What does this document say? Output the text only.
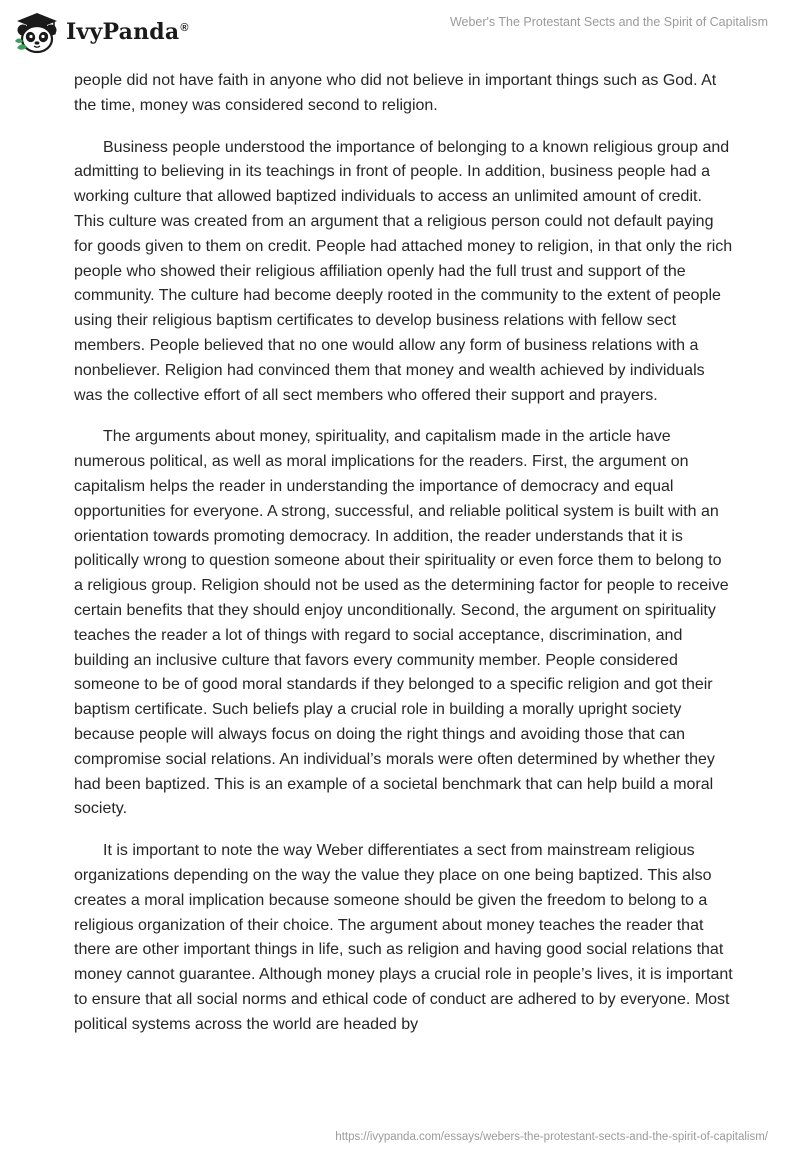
IvyPanda®	Weber's The Protestant Sects and the Spirit of Capitalism

people did not have faith in anyone who did not believe in important things such as God. At the time, money was considered second to religion.

Business people understood the importance of belonging to a known religious group and admitting to believing in its teachings in front of people. In addition, business people had a working culture that allowed baptized individuals to access an unlimited amount of credit. This culture was created from an argument that a religious person could not default paying for goods given to them on credit. People had attached money to religion, in that only the rich people who showed their religious affiliation openly had the full trust and support of the community. The culture had become deeply rooted in the community to the extent of people using their religious baptism certificates to develop business relations with fellow sect members. People believed that no one would allow any form of business relations with a nonbeliever. Religion had convinced them that money and wealth achieved by individuals was the collective effort of all sect members who offered their support and prayers.

The arguments about money, spirituality, and capitalism made in the article have numerous political, as well as moral implications for the readers. First, the argument on capitalism helps the reader in understanding the importance of democracy and equal opportunities for everyone. A strong, successful, and reliable political system is built with an orientation towards promoting democracy. In addition, the reader understands that it is politically wrong to question someone about their spirituality or even force them to belong to a religious group. Religion should not be used as the determining factor for people to receive certain benefits that they should enjoy unconditionally. Second, the argument on spirituality teaches the reader a lot of things with regard to social acceptance, discrimination, and building an inclusive culture that favors every community member. People considered someone to be of good moral standards if they belonged to a specific religion and got their baptism certificate. Such beliefs play a crucial role in building a morally upright society because people will always focus on doing the right things and avoiding those that can compromise social relations. An individual’s morals were often determined by whether they had been baptized. This is an example of a societal benchmark that can help build a moral society.

It is important to note the way Weber differentiates a sect from mainstream religious organizations depending on the way the value they place on one being baptized. This also creates a moral implication because someone should be given the freedom to belong to a religious organization of their choice. The argument about money teaches the reader that there are other important things in life, such as religion and having good social relations that money cannot guarantee. Although money plays a crucial role in people’s lives, it is important to ensure that all social norms and ethical code of conduct are adhered to by everyone. Most political systems across the world are headed by

https://ivypanda.com/essays/webers-the-protestant-sects-and-the-spirit-of-capitalism/
